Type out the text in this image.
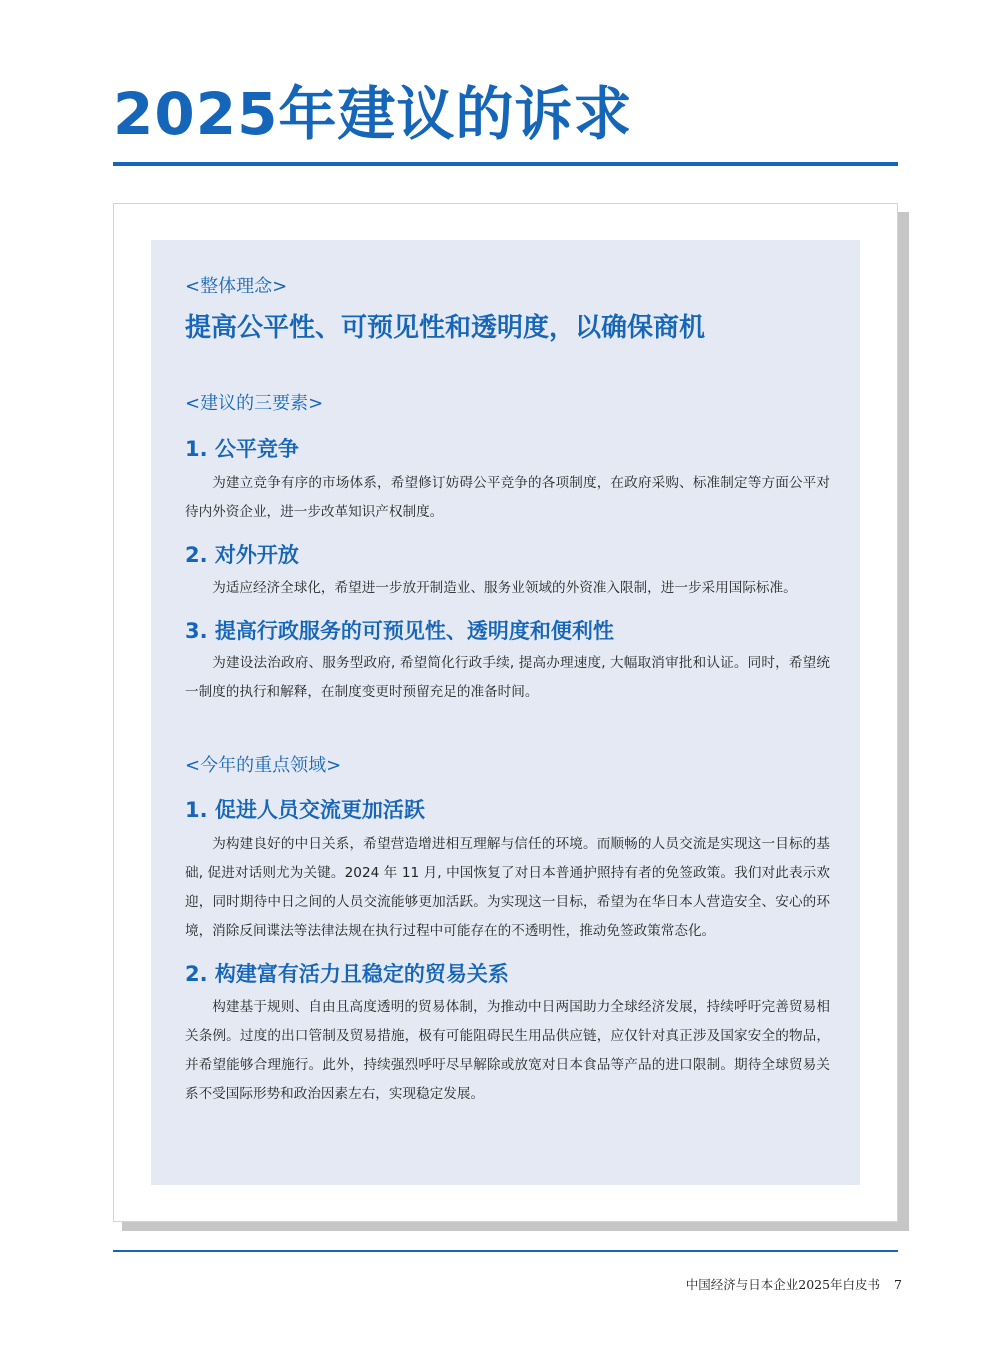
2025年建议的诉求

<整体理念>

提高公平性、可预见性和透明度，以确保商机

<建议的三要素>

1. 公平竞争

为建立竞争有序的市场体系，希望修订妨碍公平竞争的各项制度，在政府采购、标准制定等方面公平对待内外资企业，进一步改革知识产权制度。

2. 对外开放

为适应经济全球化，希望进一步放开制造业、服务业领域的外资准入限制，进一步采用国际标准。

3. 提高行政服务的可预见性、透明度和便利性

为建设法治政府、服务型政府, 希望简化行政手续, 提高办理速度, 大幅取消审批和认证。同时，希望统一制度的执行和解释，在制度变更时预留充足的准备时间。

<今年的重点领域>

1. 促进人员交流更加活跃

为构建良好的中日关系，希望营造增进相互理解与信任的环境。而顺畅的人员交流是实现这一目标的基础, 促进对话则尤为关键。2024 年 11 月, 中国恢复了对日本普通护照持有者的免签政策。我们对此表示欢迎，同时期待中日之间的人员交流能够更加活跃。为实现这一目标，希望为在华日本人营造安全、安心的环境，消除反间谍法等法律法规在执行过程中可能存在的不透明性，推动免签政策常态化。

2. 构建富有活力且稳定的贸易关系

构建基于规则、自由且高度透明的贸易体制，为推动中日两国助力全球经济发展，持续呼吁完善贸易相关条例。过度的出口管制及贸易措施，极有可能阻碍民生用品供应链，应仅针对真正涉及国家安全的物品，并希望能够合理施行。此外，持续强烈呼吁尽早解除或放宽对日本食品等产品的进口限制。期待全球贸易关系不受国际形势和政治因素左右，实现稳定发展。

中国经济与日本企业2025年白皮书 7
